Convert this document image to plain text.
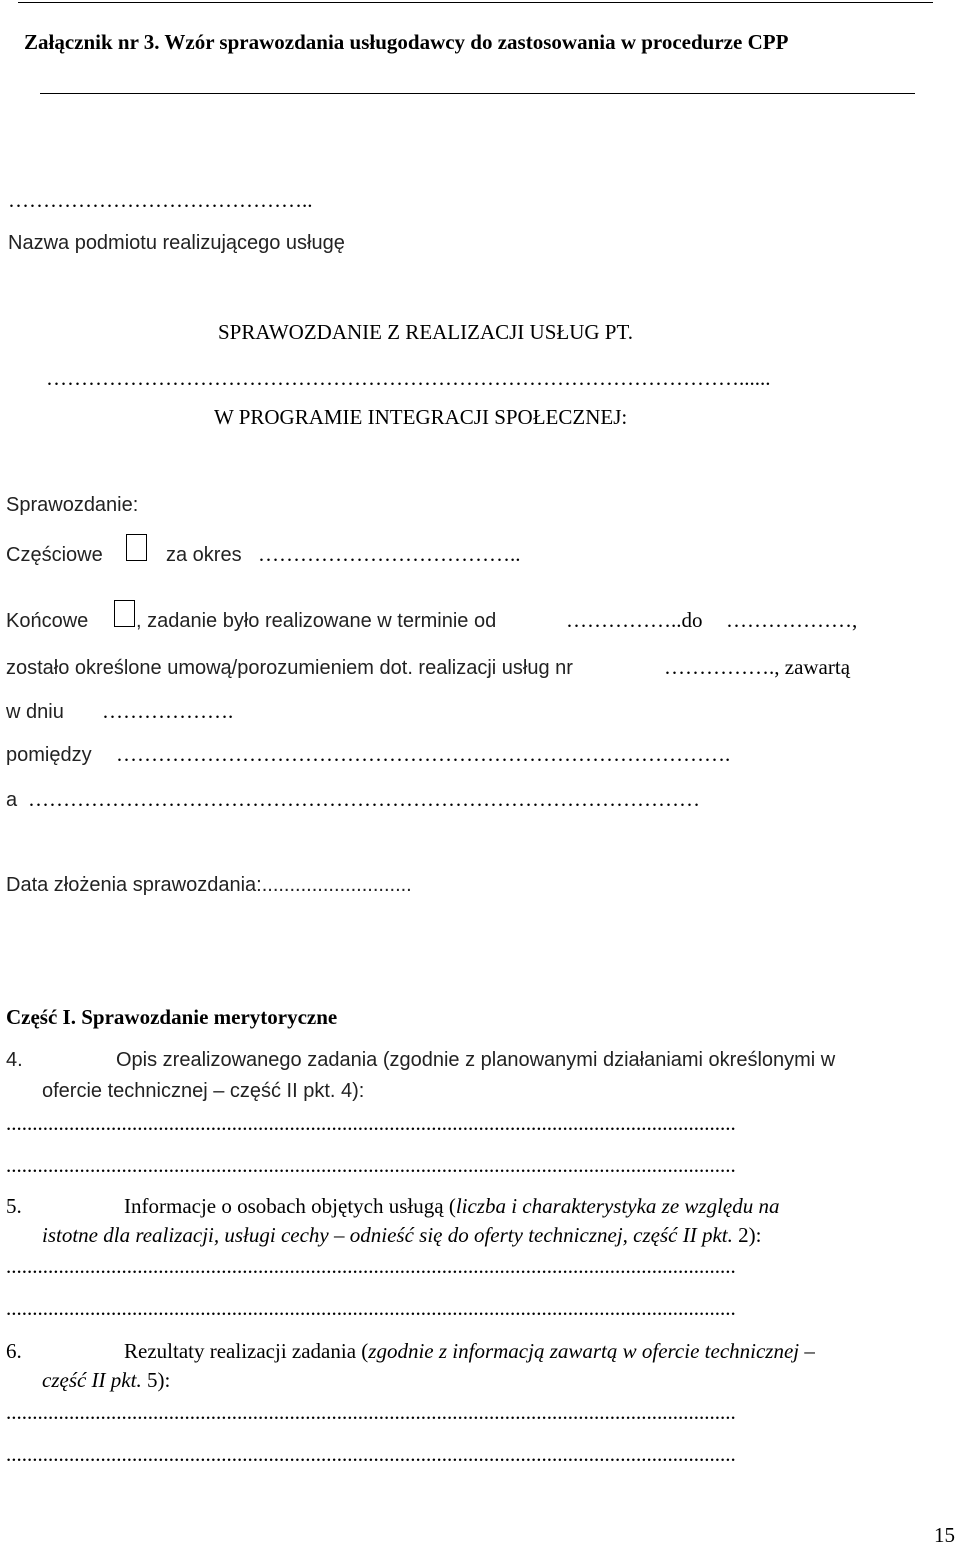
Załącznik nr 3. Wzór sprawozdania usługodawcy do zastosowania w procedurze CPP
……………………………………..
Nazwa podmiotu realizującego usługę
SPRAWOZDANIE Z REALIZACJI USŁUG PT.
………………………………………………………………………………………......
W PROGRAMIE INTEGRACJI SPOŁECZNEJ:
Sprawozdanie:
Częściowe	za okres ………………………………..
Końcowe , zadanie było realizowane w terminie od	……………..do ………………,
zostało określone umową/porozumieniem dot. realizacji usług nr	……………., zawartą
w dniu ……………….
pomiędzy …………………………………………………………………………….
a ……………………………………………………………………………………
Data złożenia sprawozdania:...........................
Część I. Sprawozdanie merytoryczne
4.	Opis zrealizowanego zadania (zgodnie z planowanymi działaniami określonymi w
ofercie technicznej – część II pkt. 4):
...........................................................................................................................................
...........................................................................................................................................
5.	Informacje o osobach objętych usługą (liczba i charakterystyka ze względu na
istotne dla realizacji, usługi cechy – odnieść się do oferty technicznej, część II pkt. 2):
...........................................................................................................................................
...........................................................................................................................................
6.	Rezultaty realizacji zadania (zgodnie z informacją zawartą w ofercie technicznej –
część II pkt. 5):
...........................................................................................................................................
...........................................................................................................................................
15
